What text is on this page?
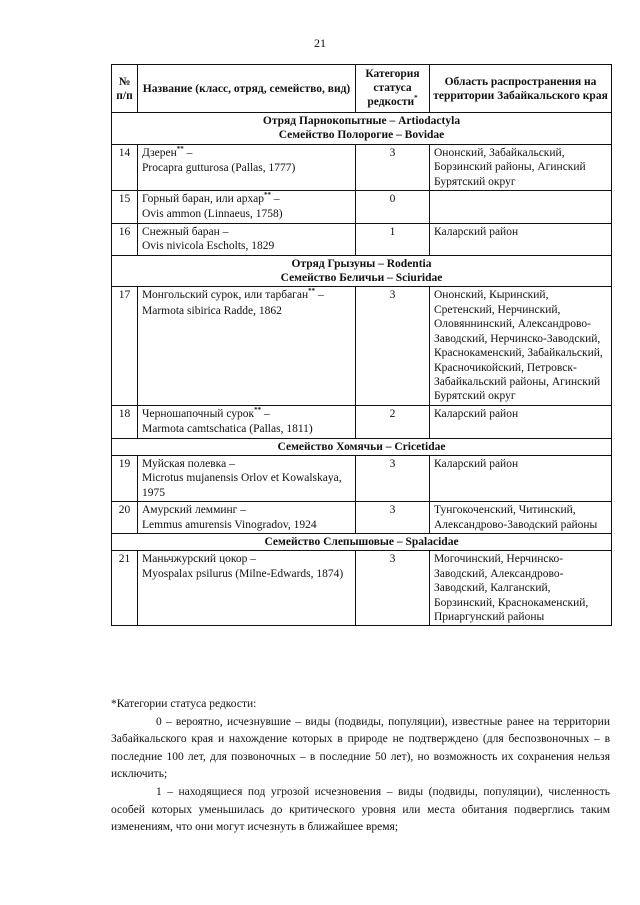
21
№ п/п	Название (класс, отряд, семейство, вид)	Категория статуса редкости*	Область распространения на территории Забайкальского края

Отряд Парнокопытные – Artiodactyla
Семейство Полорогие – Bovidae			

14	Дзерен** –
Procapra gutturosa (Pallas, 1777)	3	Ононский, Забайкальский, Борзинский районы, Агинский Бурятский округ
15	Горный баран, или архар** –
Ovis ammon (Linnaeus, 1758)	0	
16	Снежный баран –
Ovis nivicola Escholts, 1829	1	Каларский район

Отряд Грызуны – Rodentia
Семейство Беличьи – Sciuridae			

17	Монгольский сурок, или тарбаган** –
Marmota sibirica Radde, 1862	3	Ононский, Кыринский, Сретенский, Нерчинский, Оловяннинский, Александрово-Заводский, Нерчинско-Заводский, Краснокаменский, Забайкальский, Красночикойский, Петровск-Забайкальский районы, Агинский Бурятский округ
18	Черношапочный сурок** –
Marmota camtschatica (Pallas, 1811)	2	Каларский район

Семейство Хомячьи – Cricetidae			

19	Муйская полевка –
Microtus mujanensis Orlov et Kowalskaya, 1975	3	Каларский район
20	Амурский лемминг –
Lemmus amurensis Vinogradov, 1924	3	Тунгокоченский, Читинский, Александрово-Заводский районы

Семейство Слепышовые – Spalacidae			

21	Маньчжурский цокор –
Myospalax psilurus (Milne-Edwards, 1874)	3	Могочинский, Нерчинско-Заводский, Александрово-Заводский, Калганский, Борзинский, Краснокаменский, Приаргунский районы

*Категории статуса редкости:

0 – вероятно, исчезнувшие – виды (подвиды, популяции), известные ранее на территории Забайкальского края и нахождение которых в природе не подтверждено (для беспозвоночных – в последние 100 лет, для позвоночных – в последние 50 лет), но возможность их сохранения нельзя исключить;

1 – находящиеся под угрозой исчезновения – виды (подвиды, популяции), численность особей которых уменьшилась до критического уровня или места обитания подверглись таким изменениям, что они могут исчезнуть в ближайшее время;
